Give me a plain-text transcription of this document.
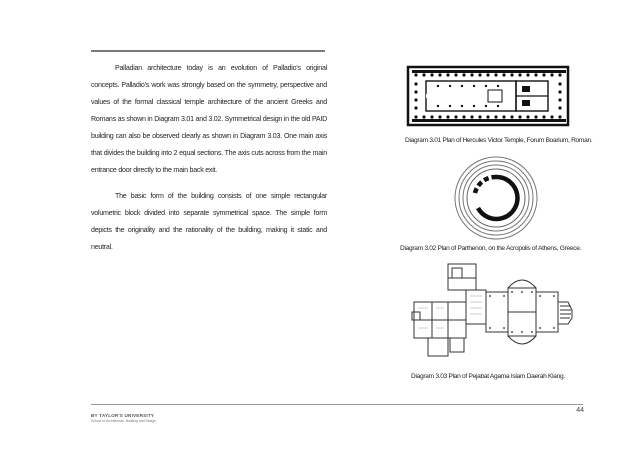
Palladian architecture today is an evolution of Palladio’s original concepts. Palladio’s work was strongly based on the symmetry, perspective and values of the formal classical temple architecture of the ancient Greeks and Romans as shown in Diagram 3.01 and 3.02. Symmetrical design in the old PAID building can also be observed clearly as shown in Diagram 3.03. One main axis that divides the building into 2 equal sections. The axis cuts across from the main entrance door directly to the main back exit.

The basic form of the building consists of one simple rectangular volumetric block divided into separate symmetrical space. The simple form depicts the originality and the rationality of the building, making it static and neutral.

Diagram 3.01 Plan of Hercules Victor Temple, Forum Boarium, Roman.
Diagram 3.02 Plan of Parthenon, on the Acropolis of Athens, Greece.
Diagram 3.03 Plan of Pejabat Agama Islam Daerah Klang.
44
BY TAYLOR'S UNIVERSITY
School of Architecture, Building and Design
